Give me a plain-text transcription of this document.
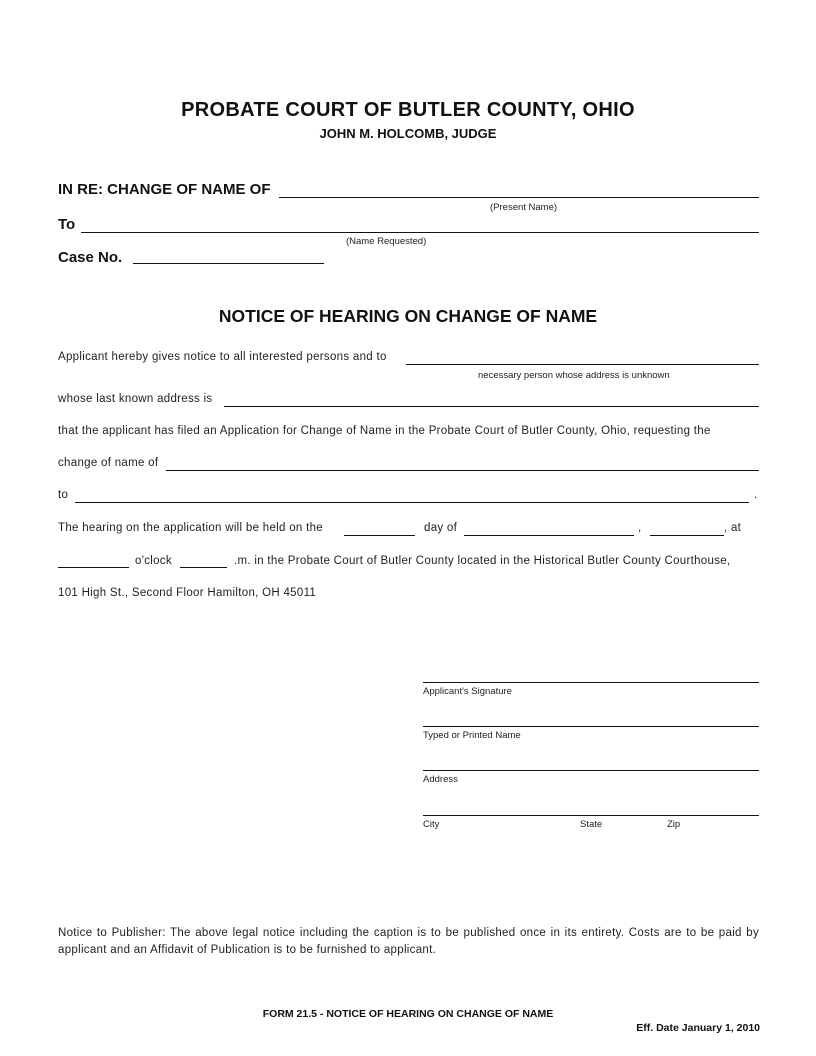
PROBATE COURT OF BUTLER COUNTY, OHIO
JOHN M. HOLCOMB, JUDGE
IN RE: CHANGE OF NAME OF
(Present Name)
To
(Name Requested)
Case No.
NOTICE OF HEARING ON CHANGE OF NAME
Applicant hereby gives notice to all interested persons and to
necessary person whose address is unknown
whose last known address is
that the applicant has filed an Application for Change of Name in the Probate Court of Butler County, Ohio, requesting the
change of name of
to	.
The hearing on the application will be held on the	day of	,	, at
o'clock	.m. in the Probate Court of Butler County located in the Historical Butler County Courthouse,
101 High St., Second Floor Hamilton, OH 45011
Applicant's Signature
Typed or Printed Name
Address
City	State	Zip
Notice to Publisher: The above legal notice including the caption is to be published once in its entirety. Costs are to be paid by applicant and an Affidavit of Publication is to be furnished to applicant.
FORM 21.5 - NOTICE OF HEARING ON CHANGE OF NAME
Eff. Date January 1, 2010
